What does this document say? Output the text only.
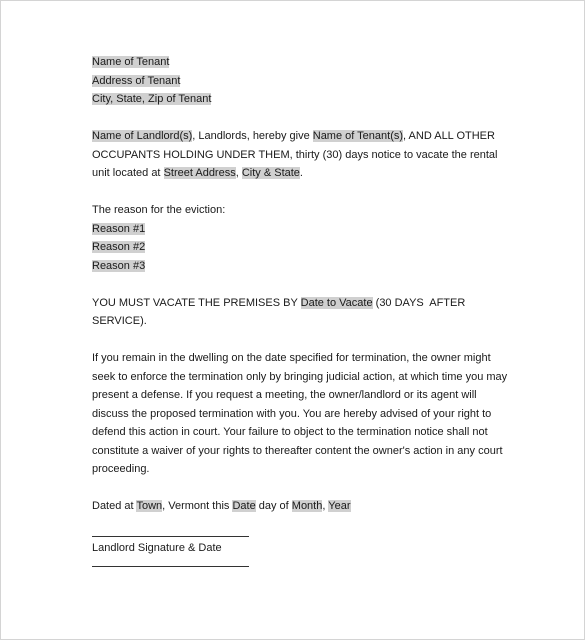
Name of Tenant
Address of Tenant
City, State, Zip of Tenant
Name of Landlord(s), Landlords, hereby give Name of Tenant(s), AND ALL OTHER
OCCUPANTS HOLDING UNDER THEM, thirty (30) days notice to vacate the rental
unit located at Street Address, City & State.
The reason for the eviction:
Reason #1
Reason #2
Reason #3
YOU MUST VACATE THE PREMISES BY Date to Vacate (30 DAYS  AFTER
SERVICE).
If you remain in the dwelling on the date specified for termination, the owner might
seek to enforce the termination only by bringing judicial action, at which time you may
present a defense. If you request a meeting, the owner/landlord or its agent will
discuss the proposed termination with you. You are hereby advised of your right to
defend this action in court. Your failure to object to the termination notice shall not
constitute a waiver of your rights to thereafter content the owner's action in any court
proceeding.
Dated at Town, Vermont this Date day of Month, Year
Landlord Signature & Date
